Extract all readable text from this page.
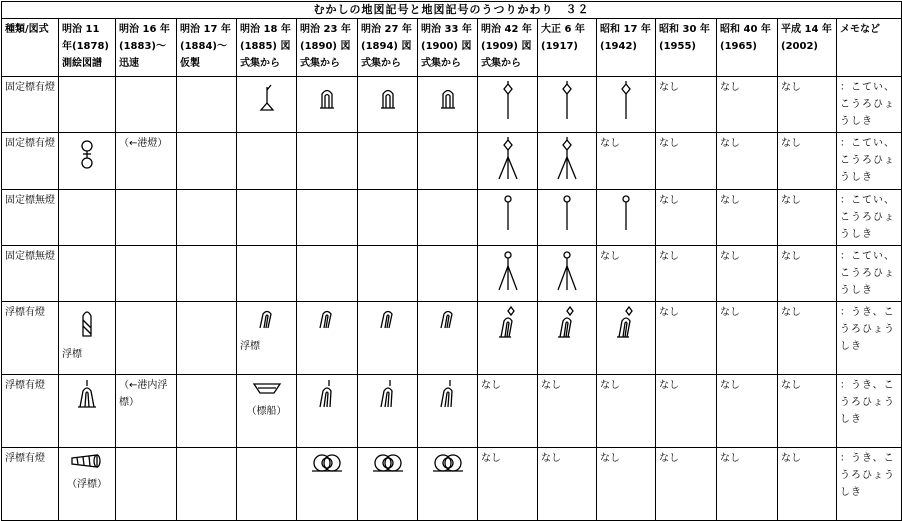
むかしの地図記号と地図記号のうつりかわり　３２														
種類/図式	明治 11 年(1878) 測絵図譜	明治 16 年(1883)～迅速	明治 17 年(1884)～仮製	明治 18 年(1885) 図式集から	明治 23 年(1890) 図式集から	明治 27 年(1894) 図式集から	明治 33 年(1900) 図式集から	明治 42 年(1909) 図式集から	大正 6 年(1917)	昭和 17 年(1942)	昭和 30 年(1955)	昭和 40 年(1965)	平成 14 年(2002)	メモなど
固定標有燈											なし	なし	なし	：こてい、こうろひょうしき
固定標有燈		（←港燈）								なし	なし	なし	なし	：こてい、こうろひょうしき
固定標無燈											なし	なし	なし	：こてい、こうろひょうしき
固定標無燈										なし	なし	なし	なし	：こてい、こうろひょうしき
浮標有燈	浮標			浮標							なし	なし	なし	：うき、こうろひょうしき
浮標有燈		（←港内浮標）		（標船）				なし	なし	なし	なし	なし	なし	：うき、こうろひょうしき
浮標有燈	（浮標）							なし	なし	なし	なし	なし	なし	：うき、こうろひょうしき
